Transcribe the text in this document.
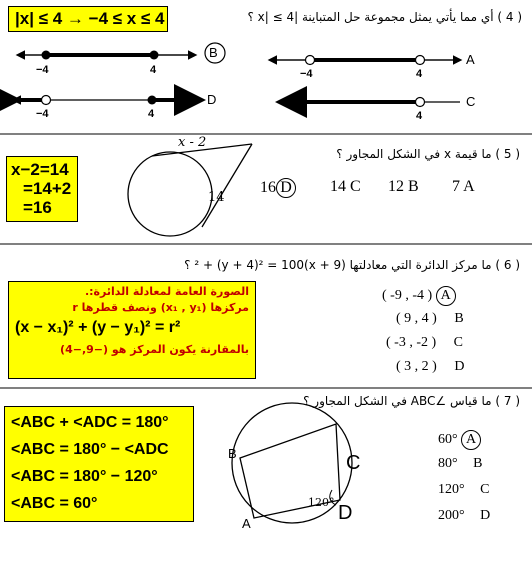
( 4 ) أي مما يأتي يمثل مجموعة حل المتباينة |x| ≤ 4 ؟
|x| ≤ 4 → −4 ≤ x ≤ 4
−4	4
B
−4	4
A
−4	4
D
4
C
( 5 ) ما قيمة x في الشكل المجاور ؟
x−2=14
=14+2
=16
x - 2
14
16 D 14 C 12 B 7 A
( 6 ) ما مركز الدائرة التي معادلتها (x + 9)² + (y + 4)² = 100 ؟
الصورة العامة لمعادلة الدائرة:.
مركزها (x₁ , y₁) ونصف قطرها r
(x − x₁)² + (y − y₁)² = r²
بالمقارنة يكون المركز هو (−9,−4)
( -9 , -4 ) A
( 9 , 4 ) B
( -3 , -2 ) C
( 3 , 2 ) D
( 7 ) ما قياس ∠ABC في الشكل المجاور ؟
<ABC + <ADC = 180°
<ABC = 180° − <ADC
<ABC = 180° − 120°
<ABC = 60°
B	C
A	D
120°
60° A
80° B
120° C
200° D
